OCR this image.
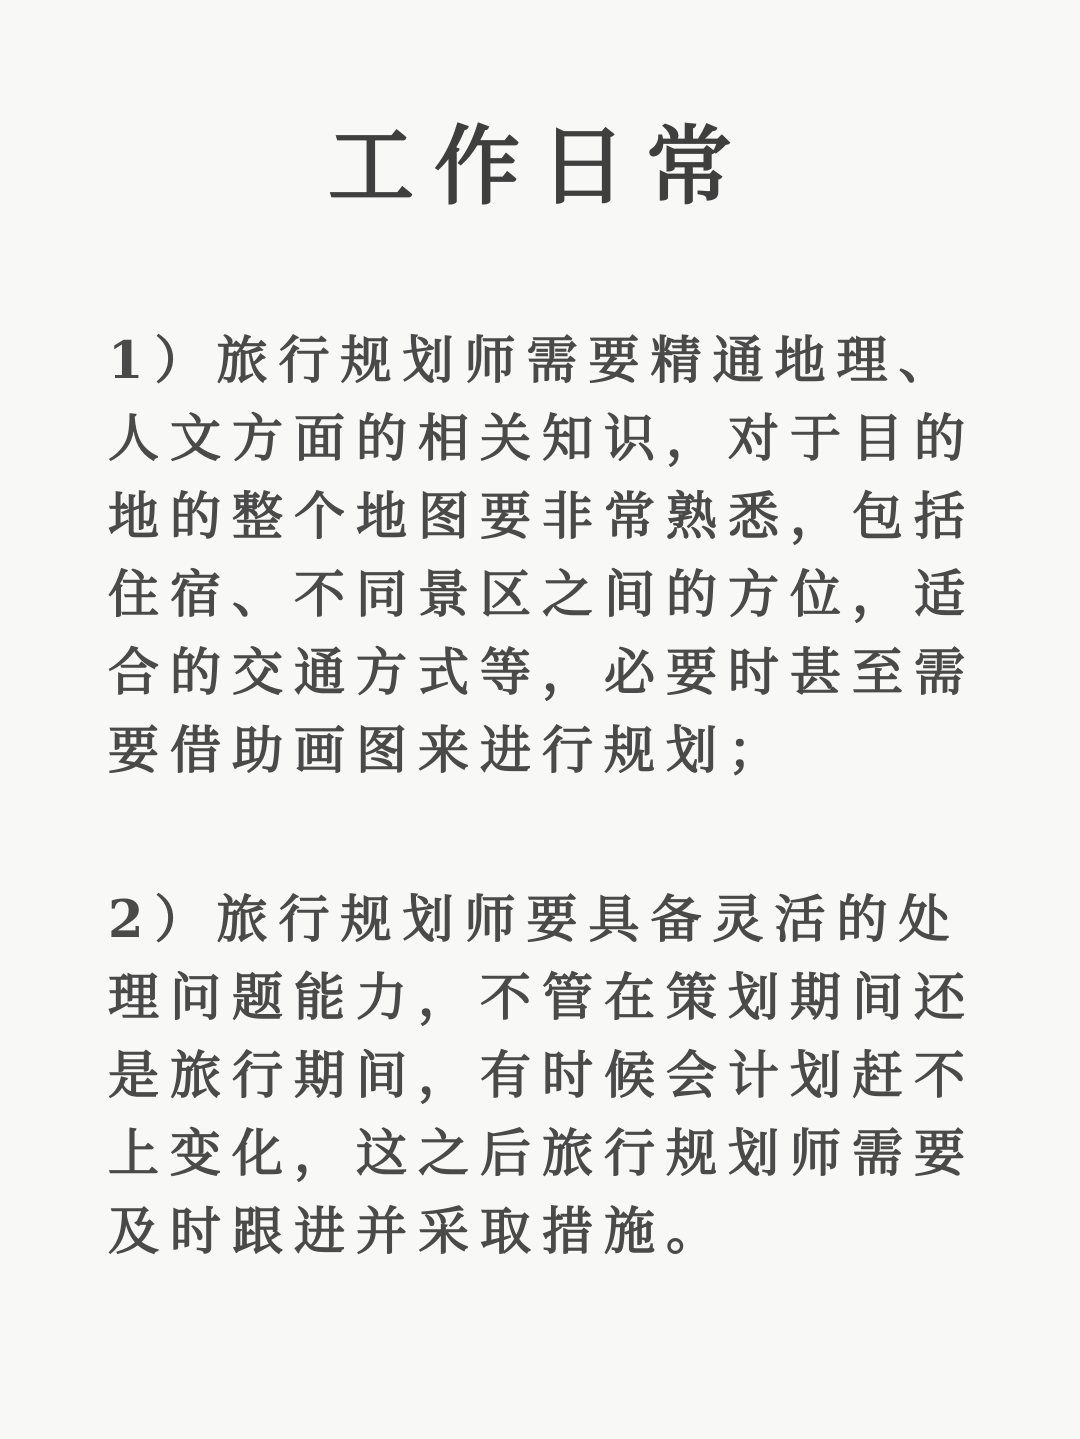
工作日常

1）旅行规划师需要精通地理、人文方面的相关知识，对于目的地的整个地图要非常熟悉，包括住宿、不同景区之间的方位，适合的交通方式等，必要时甚至需要借助画图来进行规划；

2）旅行规划师要具备灵活的处理问题能力，不管在策划期间还是旅行期间，有时候会计划赶不上变化，这之后旅行规划师需要及时跟进并采取措施。
